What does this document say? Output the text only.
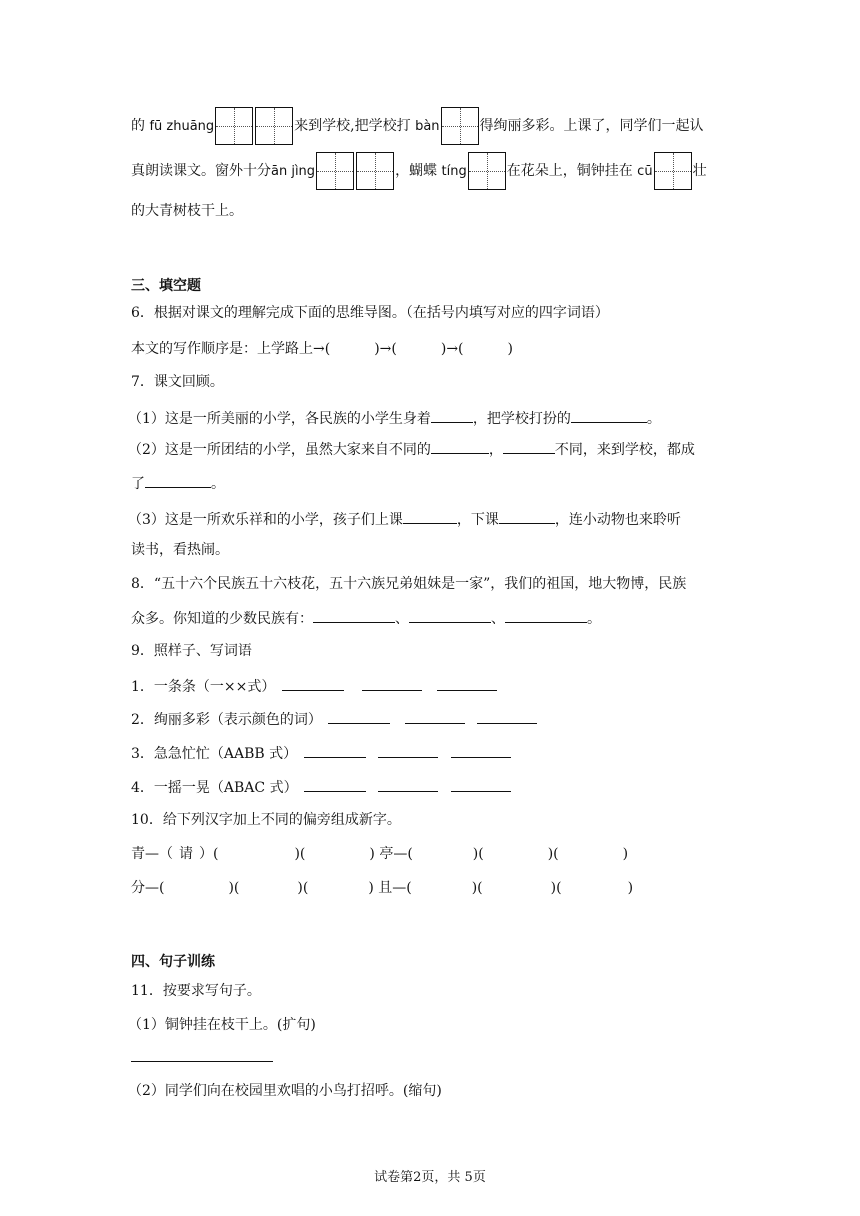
的 fū zhuāng	来到学校,把学校打 bàn	得绚丽多彩。上课了，同学们一起认
真朗读课文。窗外十分ān jìng	，蝴蝶 tíng	在花朵上，铜钟挂在 cū	壮
的大青树枝干上。
三、填空题
6．根据对课文的理解完成下面的思维导图。（在括号内填写对应的四字词语）
本文的写作顺序是：上学路上→(	)→(	)→(	)
7．课文回顾。
（1）这是一所美丽的小学，各民族的小学生身着	，把学校打扮的	。
（2）这是一所团结的小学，虽然大家来自不同的	，	不同，来到学校，都成
了	。
（3）这是一所欢乐祥和的小学，孩子们上课	，下课	，连小动物也来聆听
读书，看热闹。
8．“五十六个民族五十六枝花，五十六族兄弟姐妹是一家”，我们的祖国，地大物博，民族
众多。你知道的少数民族有：	、	、	。
9．照样子、写词语
1．一条条（一××式）
2．绚丽多彩（表示颜色的词）
3．急急忙忙（AABB 式）
4．一摇一晃（ABAC 式）
10．给下列汉字加上不同的偏旁组成新字。
青—（ 请 ）(	)(	) 亭—(	)(	)(	)
分—(	)(	)(	) 且—(	)(	)(	)
四、句子训练
11．按要求写句子。
（1）铜钟挂在枝干上。(扩句)
（2）同学们向在校园里欢唱的小鸟打招呼。(缩句)
试卷第2页，共 5页
